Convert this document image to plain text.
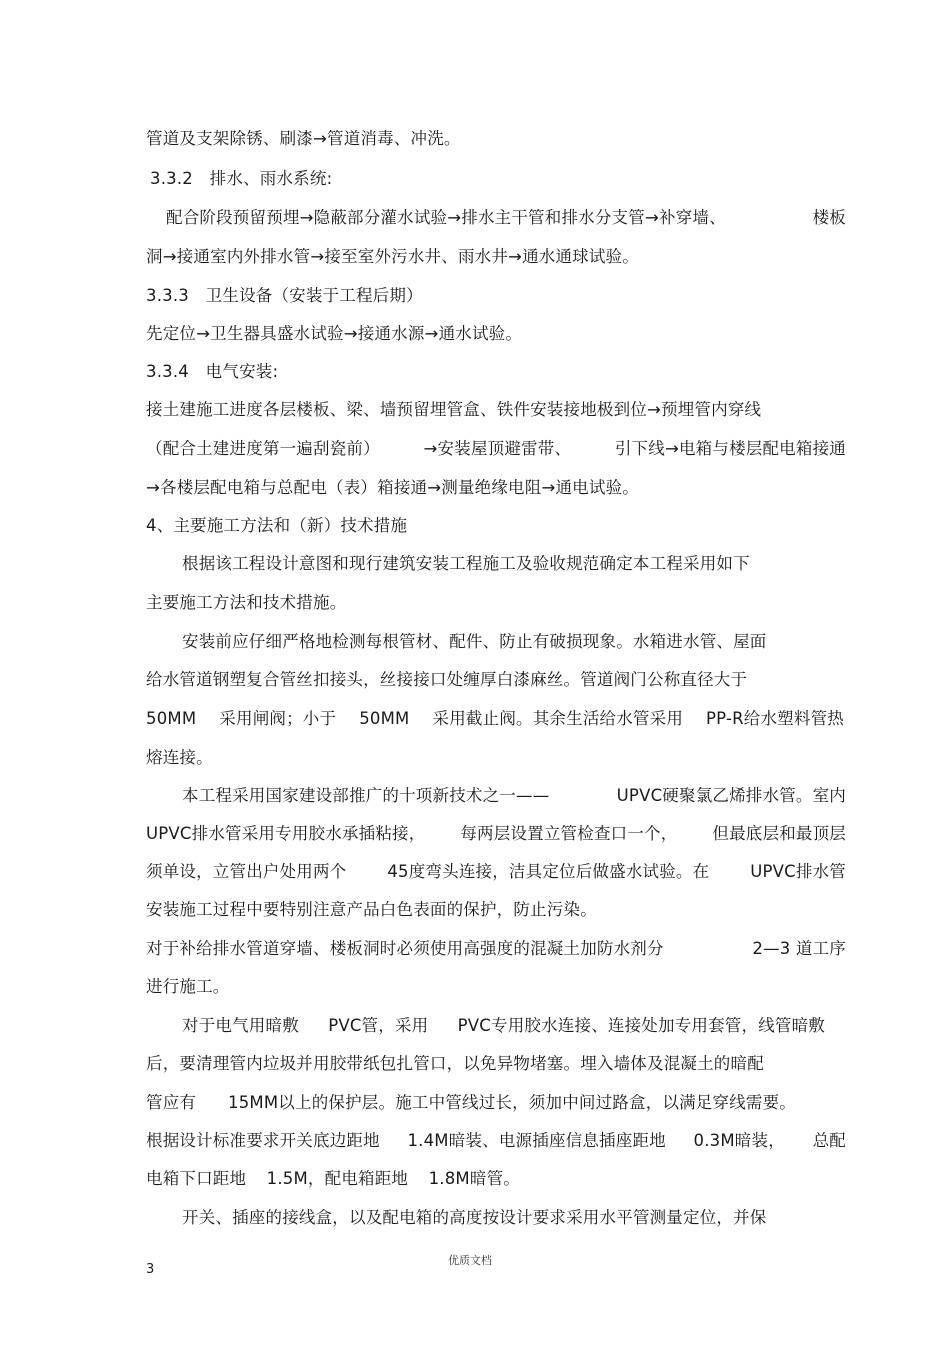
管道及支架除锈、刷漆→管道消毒、冲洗。
3.3.2　排水、雨水系统:
配合阶段预留预埋→隐蔽部分灌水试验→排水主干管和排水分支管→补穿墙、	楼板
洞→接通室内外排水管→接至室外污水井、雨水井→通水通球试验。
3.3.3　卫生设备（安装于工程后期）
先定位→卫生器具盛水试验→接通水源→通水试验。
3.3.4　电气安装:
接土建施工进度各层楼板、梁、墙预留埋管盒、铁件安装接地极到位→预埋管内穿线
（配合土建进度第一遍刮瓷前）	→安装屋顶避雷带、	引下线→电箱与楼层配电箱接通
→各楼层配电箱与总配电（表）箱接通→测量绝缘电阻→通电试验。
4、主要施工方法和（新）技术措施
根据该工程设计意图和现行建筑安装工程施工及验收规范确定本工程采用如下
主要施工方法和技术措施。
安装前应仔细严格地检测每根管材、配件、防止有破损现象。水箱进水管、屋面
给水管道钢塑复合管丝扣接头，丝接接口处缠厚白漆麻丝。管道阀门公称直径大于
50MM 采用闸阀；小于 50MM 采用截止阀。其余生活给水管采用 PP-R给水塑料管热
熔连接。
本工程采用国家建设部推广的十项新技术之一——	UPVC硬聚氯乙烯排水管。室内
UPVC排水管采用专用胶水承插粘接， 每两层设置立管检查口一个， 但最底层和最顶层
须单设，立管出户处用两个 45度弯头连接，洁具定位后做盛水试验。在 UPVC排水管
安装施工过程中要特别注意产品白色表面的保护，防止污染。
对于补给排水管道穿墙、楼板洞时必须使用高强度的混凝土加防水剂分	2—3 道工序
进行施工。
对于电气用暗敷 PVC管，采用 PVC专用胶水连接、连接处加专用套管，线管暗敷
后，要清理管内垃圾并用胶带纸包扎管口，以免异物堵塞。埋入墙体及混凝土的暗配
管应有 15MM以上的保护层。施工中管线过长，须加中间过路盒，以满足穿线需要。
根据设计标准要求开关底边距地 1.4M暗装、电源插座信息插座距地 0.3M暗装， 总配
电箱下口距地 1.5M，配电箱距地 1.8M暗管。
开关、插座的接线盒，以及配电箱的高度按设计要求采用水平管测量定位，并保
优质文档
3
